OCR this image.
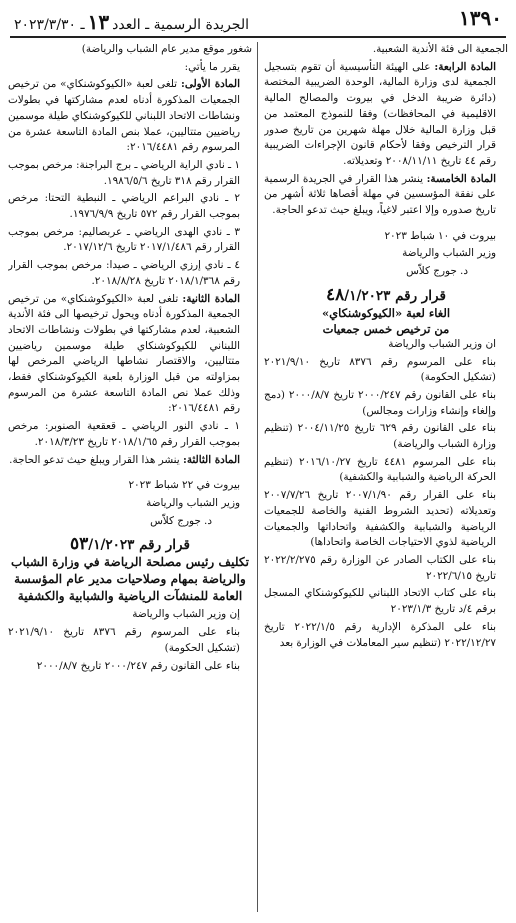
١٣٩٠
الجريدة الرسمية ـ العدد١٣ـ ٢٠٢٣/٣/٣٠

الجمعية الى فئة الأندية الشعبية.

المادة الرابعة: على الهيئة التأسيسية أن تقوم بتسجيل الجمعية لدى وزارة المالية، الوحدة الضريبية المختصة (دائرة ضريبة الدخل في بيروت والمصالح المالية الاقليمية في المحافظات) وفقا للنموذج المعتمد من قبل وزارة المالية خلال مهلة شهرين من تاريخ صدور قرار الترخيص وفقا لأحكام قانون الإجراءات الضريبية رقم ٤٤ تاريخ ٢٠٠٨/١١/١١ وتعديلاته.

المادة الخامسة: ينشر هذا القرار في الجريدة الرسمية على نفقة المؤسسين في مهلة أقصاها ثلاثة أشهر من تاريخ صدوره وإلا اعتبر لاغياً، ويبلغ حيث تدعو الحاجة.

بيروت في ١٠ شباط ٢٠٢٣

وزير الشباب والرياضة

د. جورج كلاّس

قرار رقم ٤٨/١/٢٠٢٣

الغاء لعبة «الكيوكوشنكاي»

من ترخيص خمس جمعيات

ان وزير الشباب والرياضة

بناء على المرسوم رقم ٨٣٧٦ تاريخ ٢٠٢١/٩/١٠ (تشكيل الحكومة)

بناء على القانون رقم ٢٠٠٠/٢٤٧ تاريخ ٢٠٠٠/٨/٧ (دمج وإلغاء وإنشاء وزارات ومجالس)

بناء على القانون رقم ٦٢٩ تاريخ ٢٠٠٤/١١/٢٥ (تنظيم وزارة الشباب والرياضة)

بناء على المرسوم ٤٤٨١ تاريخ ٢٠١٦/١٠/٢٧ (تنظيم الحركة الرياضية والشبابية والكشفية)

بناء على القرار رقم ٢٠٠٧/١/٩٠ تاريخ ٢٠٠٧/٧/٢٦ وتعديلاته (تحديد الشروط الفنية والخاصة للجمعيات الرياضية والشبابية والكشفية واتحاداتها والجمعيات الرياضية لذوي الاحتياجات الخاصة واتحاداها)

بناء على الكتاب الصادر عن الوزارة رقم ٢٠٢٢/٢/٢٧٥ تاريخ ٢٠٢٢/٦/١٥

بناء على كتاب الاتحاد اللبناني للكيوكوشنكاي المسجل برقم ٤/د تاريخ ٢٠٢٣/١/٣

بناء على المذكرة الإدارية رقم ٢٠٢٢/١/٥ تاريخ ٢٠٢٢/١٢/٢٧ (تنظيم سير المعاملات في الوزارة بعد

شغور موقع مدير عام الشباب والرياضة)

يقرر ما يأتي:

المادة الأولى: تلغى لعبة «الكيوكوشنكاي» من ترخيص الجمعيات المذكورة أدناه لعدم مشاركتها في بطولات ونشاطات الاتحاد اللبناني للكيوكوشنكاي طيلة موسمين رياضيين متتاليين، عملا بنص المادة التاسعة عشرة من المرسوم رقم ٢٠١٦/٤٤٨١:

١ ـ نادي الراية الرياضي ـ برج البراجنة: مرخص بموجب القرار رقم ٣١٨ تاريخ ١٩٨٦/٥/٦.

٢ ـ نادي البراعم الرياضي ـ النبطية التحتا: مرخص بموجب القرار رقم ٥٧٢ تاريخ ١٩٧٦/٩/٩.

٣ ـ نادي الهدى الرياضي ـ عربصاليم: مرخص بموجب القرار رقم ٢٠١٧/١/٤٨٦ تاريخ ٢٠١٧/١٢/٦.

٤ ـ نادي إرزي الرياضي ـ صيدا: مرخص بموجب القرار رقم ٢٠١٨/١/٣٦٨ تاريخ ٢٠١٨/٨/٢٨.

المادة الثانية: تلغى لعبة «الكيوكوشنكاي» من ترخيص الجمعية المذكورة أدناه ويحول ترخيصها الى فئة الأندية الشعبية، لعدم مشاركتها في بطولات ونشاطات الاتحاد اللبناني للكيوكوشنكاي طيلة موسمين رياضيين متتاليين، والاقتصار نشاطها الرياضي المرخص لها بمزاولته من قبل الوزارة بلعبة الكيوكوشنكاي فقط، وذلك عملا نص المادة التاسعة عشرة من المرسوم رقم ٢٠١٦/٤٤٨١:

١ ـ نادي النور الرياضي ـ قعقعية الصنوبر: مرخص بموجب القرار رقم ٢٠١٨/١/٦٥ تاريخ ٢٠١٨/٣/٢٣.

المادة الثالثة: ينشر هذا القرار ويبلغ حيث تدعو الحاجة.

بيروت في ٢٢ شباط ٢٠٢٣

وزير الشباب والرياضة

د. جورج كلاّس

قرار رقم ٥٣/١/٢٠٢٣

تكليف رئيس مصلحة الرياضة في وزارة الشباب والرياضة بمهام وصلاحيات مدير عام المؤسسة العامة للمنشآت الرياضية والشبابية والكشفية

إن وزير الشباب والرياضة

بناء على المرسوم رقم ٨٣٧٦ تاريخ ٢٠٢١/٩/١٠ (تشكيل الحكومة)

بناء على القانون رقم ٢٠٠٠/٢٤٧ تاريخ ٢٠٠٠/٨/٧
